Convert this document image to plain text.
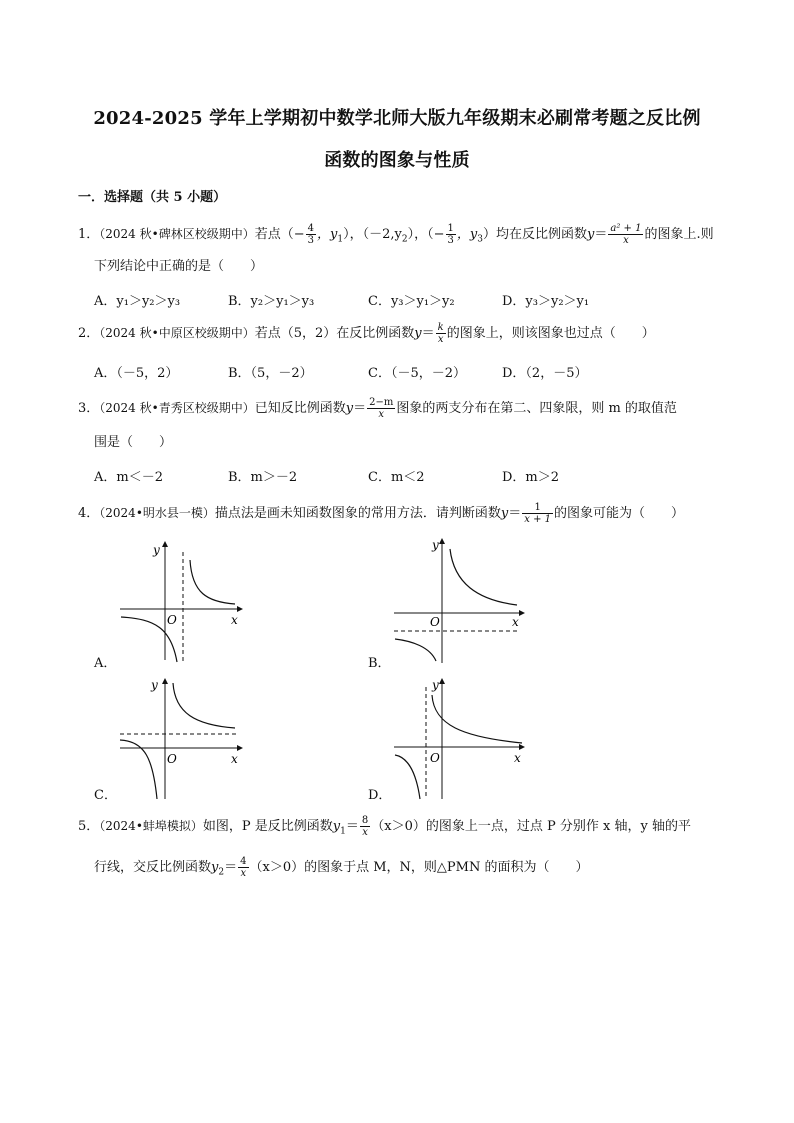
2024-2025 学年上学期初中数学北师大版九年级期末必刷常考题之反比例
函数的图象与性质
一．选择题（共 5 小题）
1．（2024 秋•碑林区校级期中）若点（− $\frac{4}{3}$ ，$y_1$），$(-2,y_2)$，（− $\frac{1}{3}$ ，$y_3$）均在反比例函数$y= \frac{\text{a² + 1}}{x}$ 的图象上.则
下列结论中正确的是（　　）
A．y₁＞y₂＞y₃	B．y₂＞y₁＞y₃	C．y₃＞y₁＞y₂	D．y₃＞y₂＞y₁
2．（2024 秋•中原区校级期中）若点（5，2）在反比例函数$y= \frac{k}{x}$ 的图象上，则该图象也过点（　　）
A．（－5，2）	B．（5，－2）	C．（－5，－2）	D．（2，－5）
3．（2024 秋•青秀区校级期中）已知反比例函数$y= \frac{2-m}{x}$ 图象的两支分布在第二、四象限，则 m 的取值范
围是（　　）
A．m＜－2	B．m＞－2	C．m＜2	D．m＞2
4．（2024•明水县一模）描点法是画未知函数图象的常用方法．请判断函数$y= \frac{1}{x + 1}$ 的图象可能为（　　）
y
O	x
A．
y
O	x
B．
y
O	x
C．
y
O	x
D．
5．（2024•蚌埠模拟）如图，P 是反比例函数$y_1= \frac{8}{x} (x>0)$的图象上一点，过点 P 分别作 x 轴，y 轴的平
行线，交反比例函数$y_2= \frac{4}{x} (x>0)$的图象于点 M，N，则△PMN 的面积为（　　）
